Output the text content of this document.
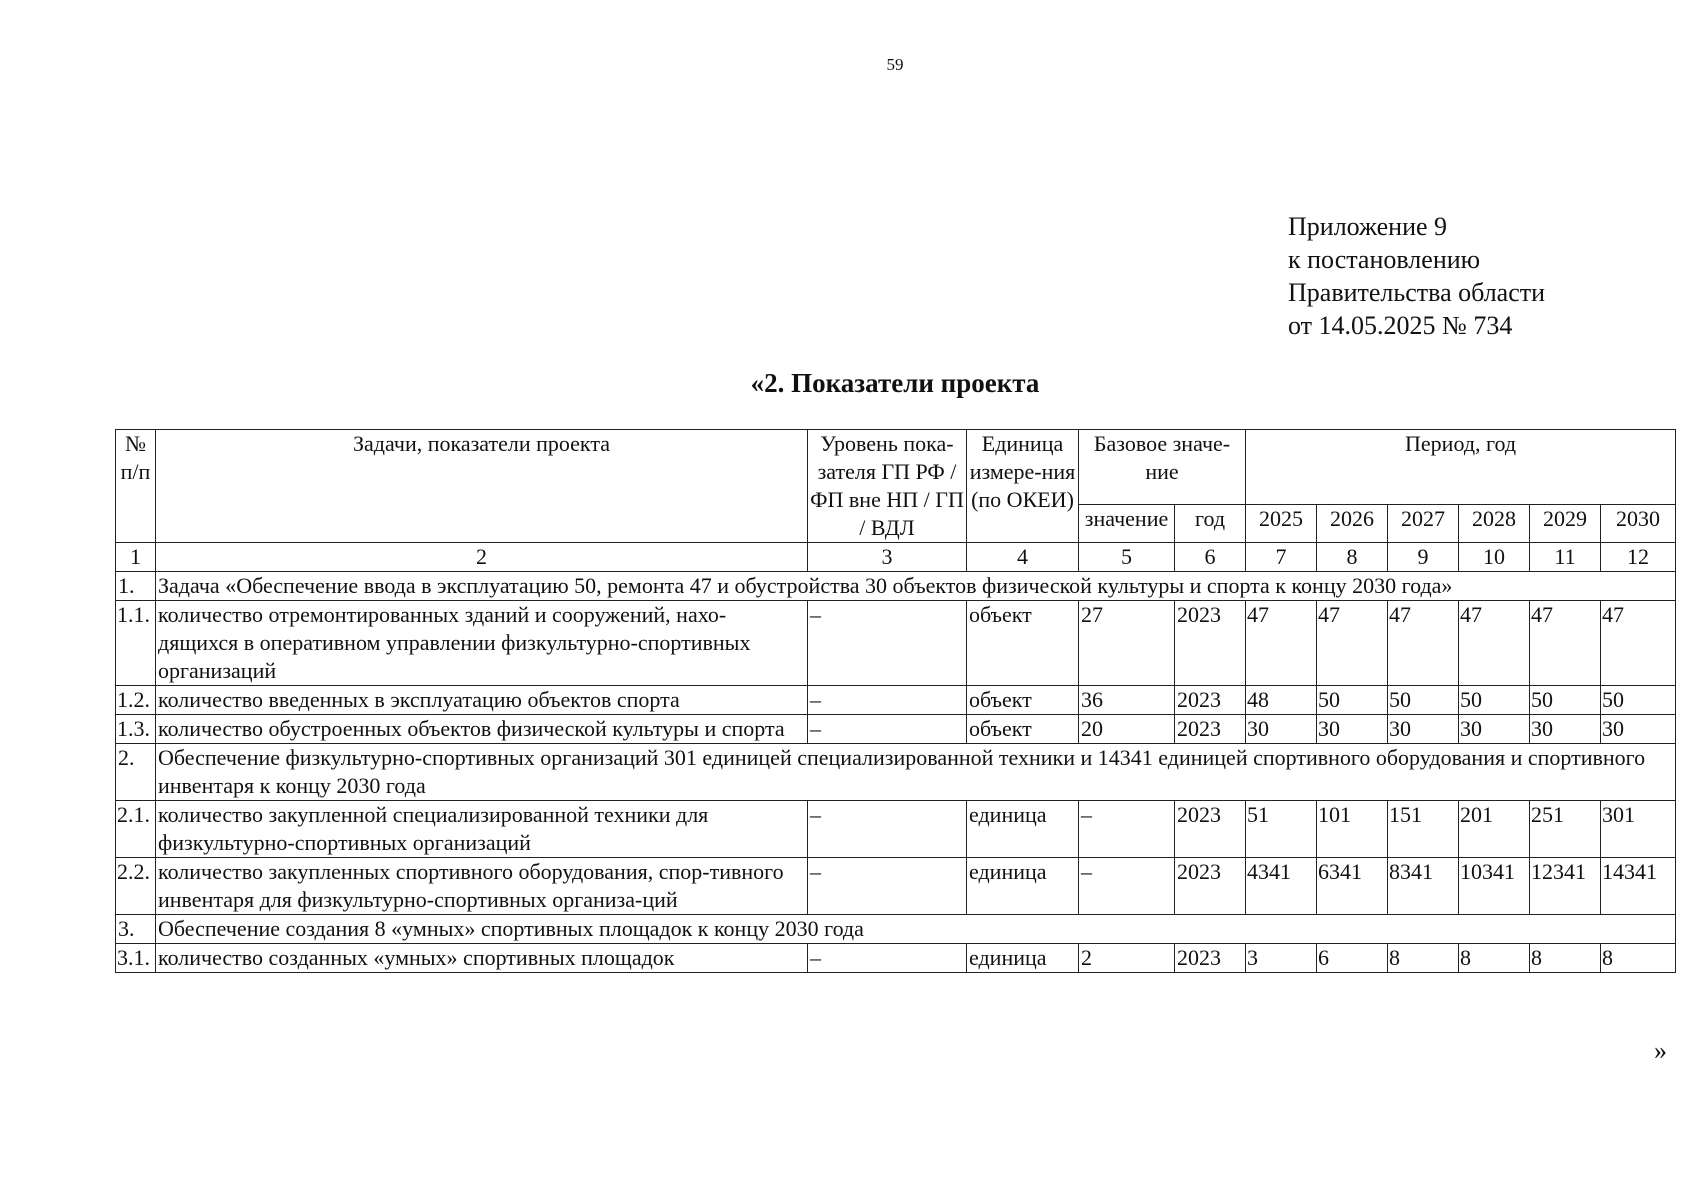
59
Приложение 9
к постановлению
Правительства области
от 14.05.2025 № 734
«2. Показатели проекта
№ п/п	Задачи, показатели проекта	Уровень пока-зателя ГП РФ / ФП вне НП / ГП / ВДЛ	Единица измере-ния (по ОКЕИ)	Базовое значе-ние		Период, год					
				значение	год	2025	2026	2027	2028	2029	2030
1	2	3	4	5	6	7	8	9	10	11	12
1.	Задача «Обеспечение ввода в эксплуатацию 50, ремонта 47 и обустройства 30 объектов физической культуры и спорта к концу 2030 года»										
1.1.	количество отремонтированных зданий и сооружений, нахо-дящихся в оперативном управлении физкультурно-спортивных организаций	–	объект	27	2023	47	47	47	47	47	47
1.2.	количество введенных в эксплуатацию объектов спорта	–	объект	36	2023	48	50	50	50	50	50
1.3.	количество обустроенных объектов физической культуры и спорта	–	объект	20	2023	30	30	30	30	30	30
2.	Обеспечение физкультурно-спортивных организаций 301 единицей специализированной техники и 14341 единицей спортивного оборудования и спортивного инвентаря к концу 2030 года										
2.1.	количество закупленной специализированной техники для физкультурно-спортивных организаций	–	единица	–	2023	51	101	151	201	251	301
2.2.	количество закупленных спортивного оборудования, спор-тивного инвентаря для физкультурно-спортивных организа-ций	–	единица	–	2023	4341	6341	8341	10341	12341	14341
3.	Обеспечение создания 8 «умных» спортивных площадок к концу 2030 года										
3.1.	количество созданных «умных» спортивных площадок	–	единица	2	2023	3	6	8	8	8	8
»
